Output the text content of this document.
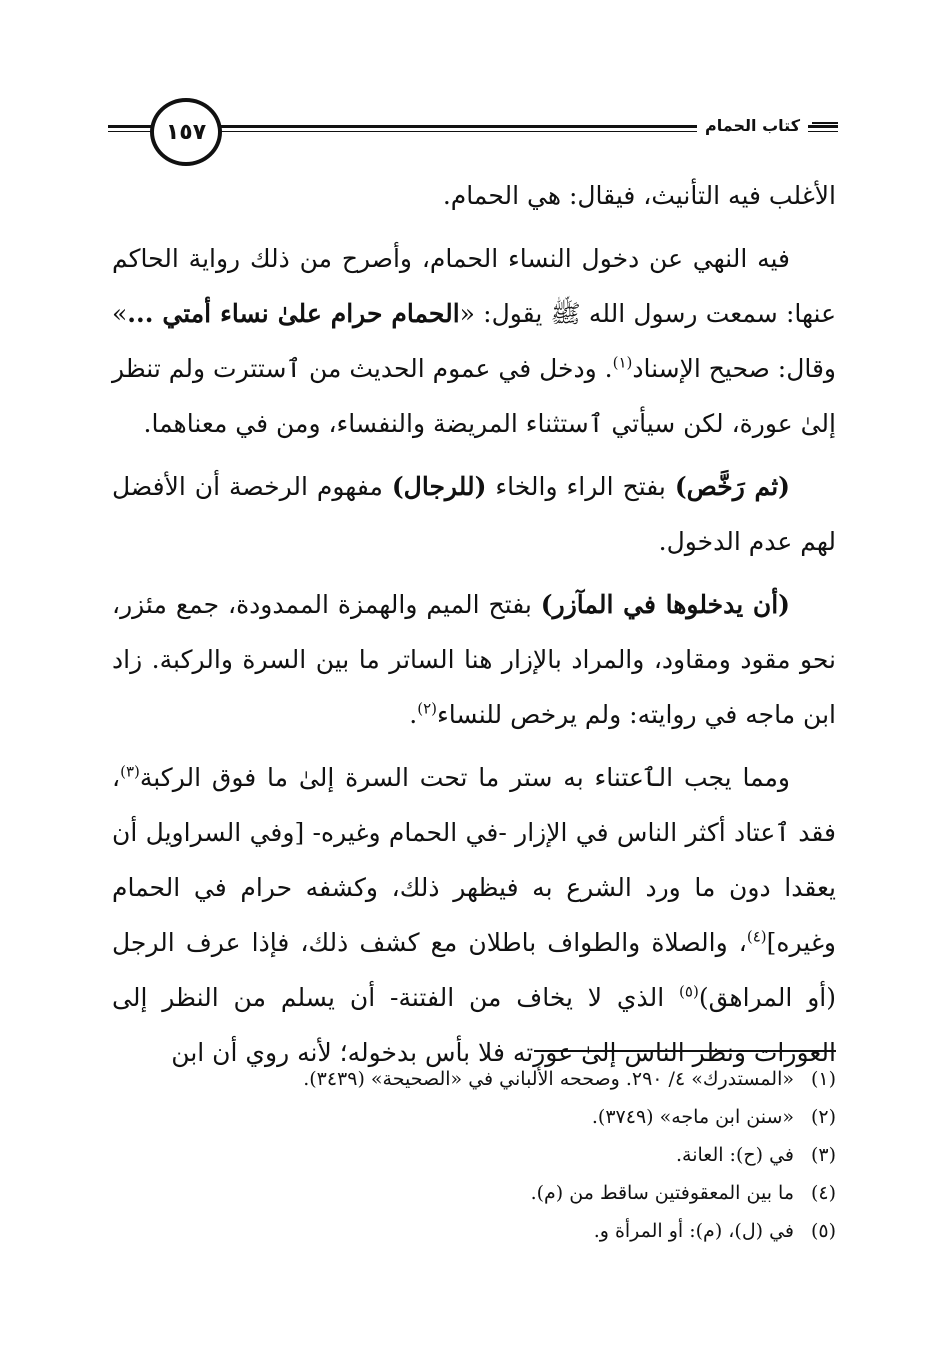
١٥٧	كتاب الحمام

الأغلب فيه التأنيث، فيقال: هي الحمام.

فيه النهي عن دخول النساء الحمام، وأصرح من ذلك رواية الحاكم عنها: سمعت رسول الله ﷺ يقول: «الحمام حرام علىٰ نساء أمتي ...» وقال: صحيح الإسناد$^{(١)}$. ودخل في عموم الحديث من ٱستترت ولم تنظر إلىٰ عورة، لكن سيأتي ٱستثناء المريضة والنفساء، ومن في معناهما.

(ثم رَخَّص) بفتح الراء والخاء (للرجال) مفهوم الرخصة أن الأفضل لهم عدم الدخول.

(أن يدخلوها في المآزر) بفتح الميم والهمزة الممدودة، جمع مئزر، نحو مقود ومقاود، والمراد بالإزار هنا الساتر ما بين السرة والركبة. زاد ابن ماجه في روايته: ولم يرخص للنساء$^{(٢)}$.

ومما يجب الٱعتناء به ستر ما تحت السرة إلىٰ ما فوق الركبة$^{(٣)}$، فقد ٱعتاد أكثر الناس في الإزار -في الحمام وغيره- [وفي السراويل أن يعقدا دون ما ورد الشرع به فيظهر ذلك، وكشفه حرام في الحمام وغيره]$^{(٤)}$، والصلاة والطواف باطلان مع كشف ذلك، فإذا عرف الرجل (أو المراهق)$^{(٥)}$ الذي لا يخاف من الفتنة- أن يسلم من النظر إلى العورات ونظر الناس إلىٰ عورته فلا بأس بدخوله؛ لأنه روي أن ابن

(١)
«المستدرك» ٤/ ٢٩٠. وصححه الألباني في «الصحيحة» (٣٤٣٩).
(٢)
«سنن ابن ماجه» (٣٧٤٩).
(٣)
في (ح): العانة.
(٤)
ما بين المعقوفتين ساقط من (م).
(٥)
في (ل)، (م): أو المرأة و.
